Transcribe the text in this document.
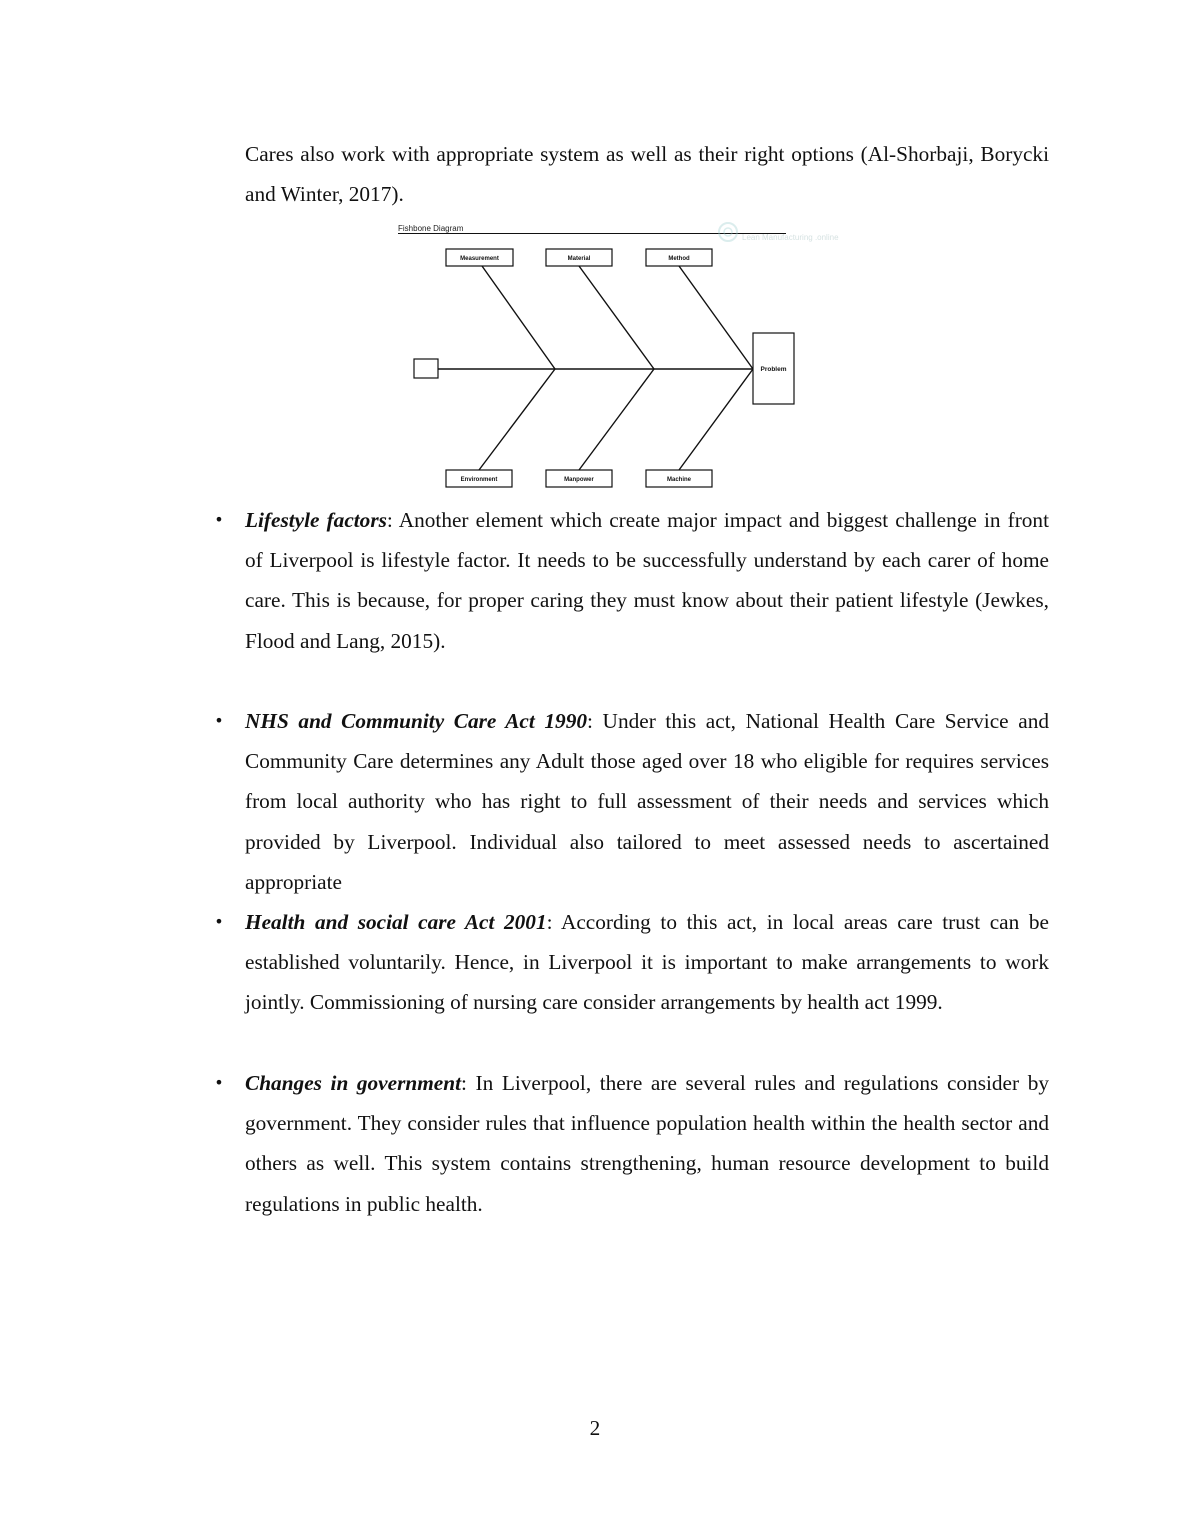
Cares also work with appropriate system as well as their right options (Al-Shorbaji, Borycki and Winter, 2017).

Fishbone Diagram
Lean Manufacturing .online
Problem
Measurement	Material	Method
Environment	Manpower	Machine
• Lifestyle factors: Another element which create major impact and biggest challenge in front of Liverpool is lifestyle factor. It needs to be successfully understand by each carer of home care. This is because, for proper caring they must know about their patient lifestyle (Jewkes, Flood and Lang, 2015).
• NHS and Community Care Act 1990: Under this act, National Health Care Service and Community Care determines any Adult those aged over 18 who eligible for requires services from local authority who has right to full assessment of their needs and services which provided by Liverpool. Individual also tailored to meet assessed needs to ascertained appropriate
• Health and social care Act 2001: According to this act, in local areas care trust can be established voluntarily. Hence, in Liverpool it is important to make arrangements to work jointly. Commissioning of nursing care consider arrangements by health act 1999.
• Changes in government: In Liverpool, there are several rules and regulations consider by government. They consider rules that influence population health within the health sector and others as well. This system contains strengthening, human resource development to build regulations in public health.
2
